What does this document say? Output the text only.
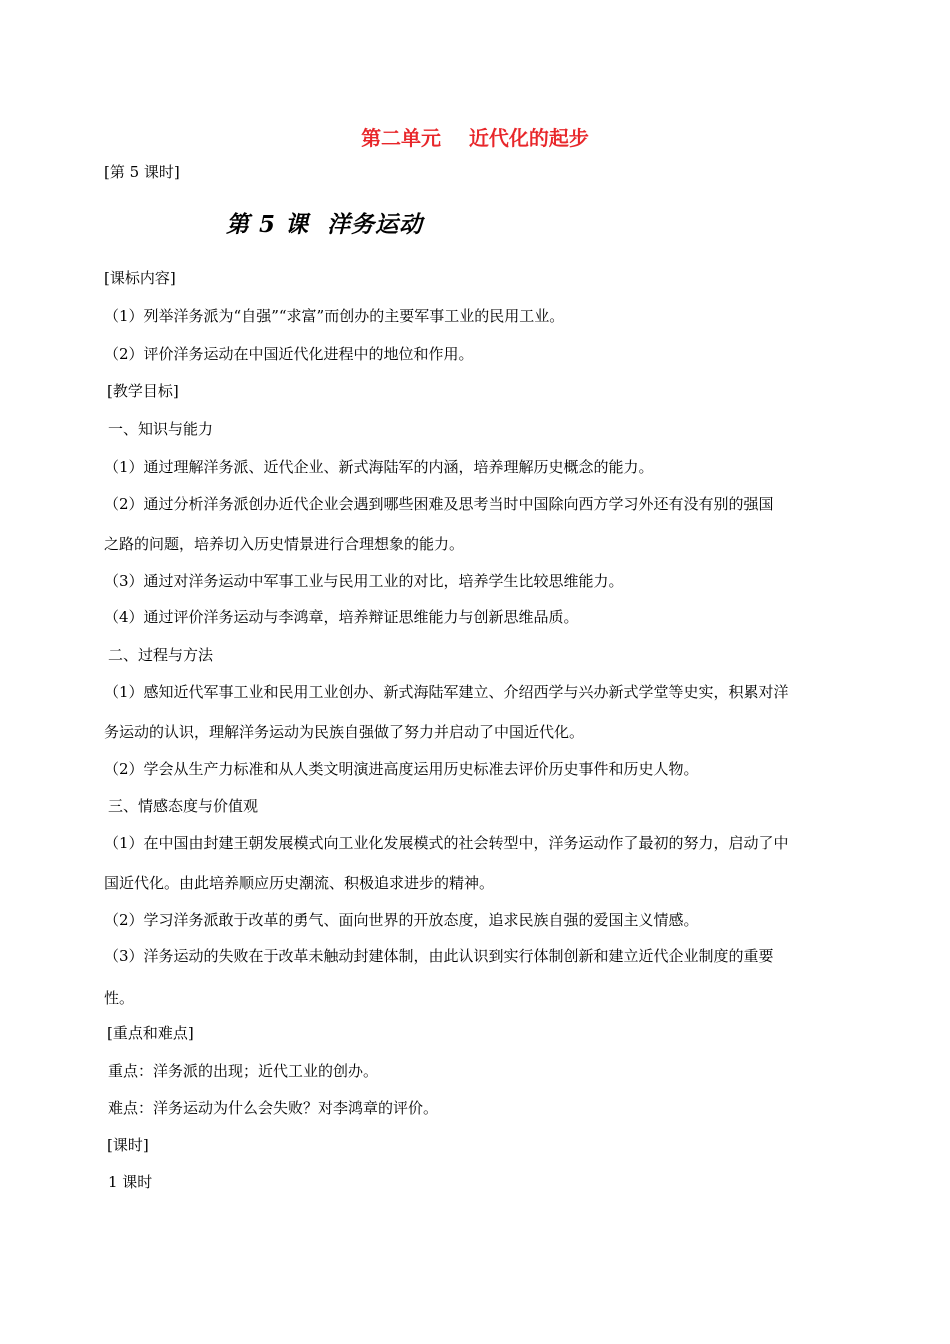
第二单元    近代化的起步
[第 5 课时]
第 5 课  洋务运动
[课标内容]
（1）列举洋务派为“自强”“求富”而创办的主要军事工业的民用工业。
（2）评价洋务运动在中国近代化进程中的地位和作用。
[教学目标]
一、知识与能力
（1）通过理解洋务派、近代企业、新式海陆军的内涵，培养理解历史概念的能力。
（2）通过分析洋务派创办近代企业会遇到哪些困难及思考当时中国除向西方学习外还有没有别的强国
之路的问题，培养切入历史情景进行合理想象的能力。
（3）通过对洋务运动中军事工业与民用工业的对比，培养学生比较思维能力。
（4）通过评价洋务运动与李鸿章，培养辩证思维能力与创新思维品质。
二、过程与方法
（1）感知近代军事工业和民用工业创办、新式海陆军建立、介绍西学与兴办新式学堂等史实，积累对洋
务运动的认识，理解洋务运动为民族自强做了努力并启动了中国近代化。
（2）学会从生产力标准和从人类文明演进高度运用历史标准去评价历史事件和历史人物。
三、情感态度与价值观
（1）在中国由封建王朝发展模式向工业化发展模式的社会转型中，洋务运动作了最初的努力，启动了中
国近代化。由此培养顺应历史潮流、积极追求进步的精神。
（2）学习洋务派敢于改革的勇气、面向世界的开放态度，追求民族自强的爱国主义情感。
（3）洋务运动的失败在于改革未触动封建体制，由此认识到实行体制创新和建立近代企业制度的重要
性。
[重点和难点]
重点：洋务派的出现；近代工业的创办。
难点：洋务运动为什么会失败？对李鸿章的评价。
[课时]
1 课时
